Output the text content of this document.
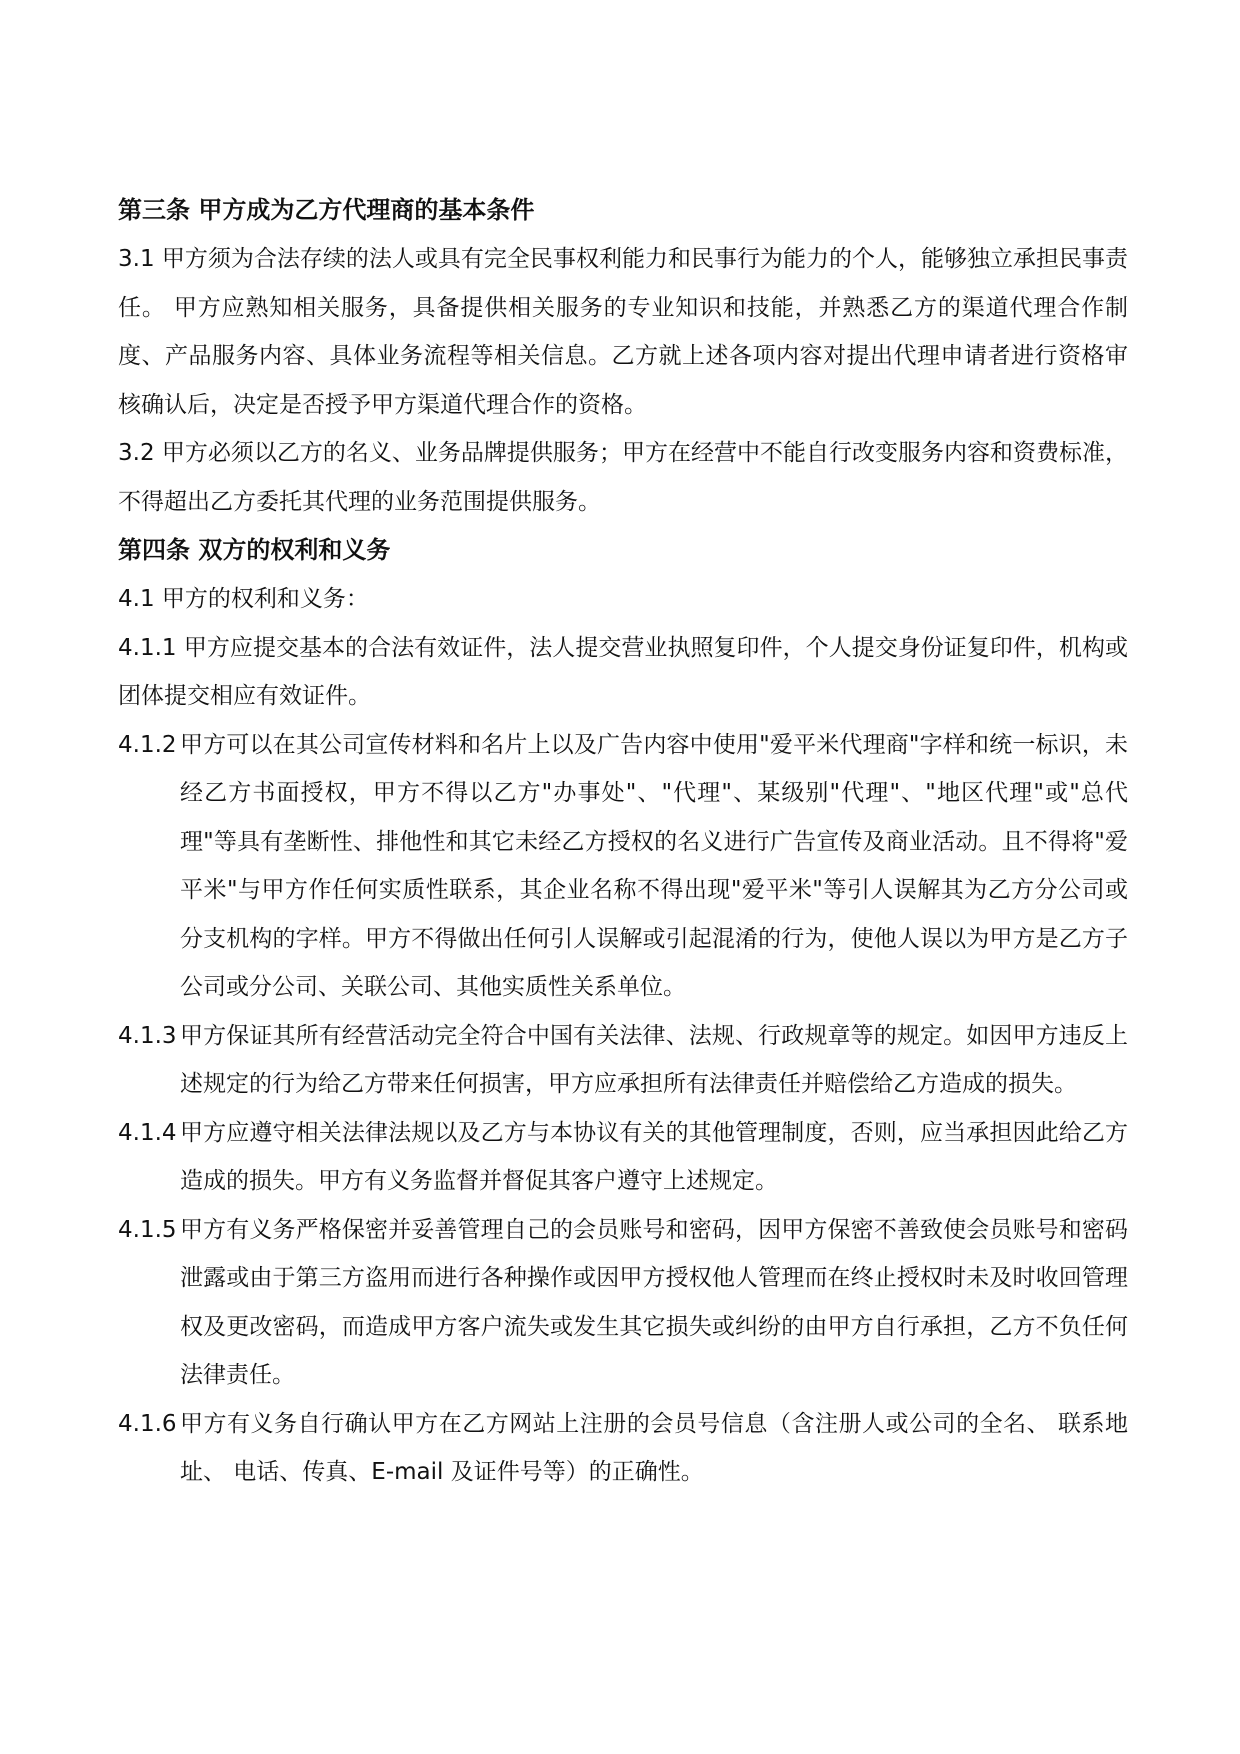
第三条 甲方成为乙方代理商的基本条件

3.1 甲方须为合法存续的法人或具有完全民事权利能力和民事行为能力的个人，能够独立承担民事责任。 甲方应熟知相关服务，具备提供相关服务的专业知识和技能，并熟悉乙方的渠道代理合作制度、产品服务内容、具体业务流程等相关信息。乙方就上述各项内容对提出代理申请者进行资格审核确认后，决定是否授予甲方渠道代理合作的资格。

3.2 甲方必须以乙方的名义、业务品牌提供服务；甲方在经营中不能自行改变服务内容和资费标准，不得超出乙方委托其代理的业务范围提供服务。

第四条 双方的权利和义务

4.1 甲方的权利和义务：

4.1.1 甲方应提交基本的合法有效证件，法人提交营业执照复印件，个人提交身份证复印件，机构或团体提交相应有效证件。

4.1.2 甲方可以在其公司宣传材料和名片上以及广告内容中使用"爱平米代理商"字样和统一标识，未经乙方书面授权，甲方不得以乙方"办事处"、"代理"、某级别"代理"、"地区代理"或"总代理"等具有垄断性、排他性和其它未经乙方授权的名义进行广告宣传及商业活动。且不得将"爱平米"与甲方作任何实质性联系，其企业名称不得出现"爱平米"等引人误解其为乙方分公司或分支机构的字样。甲方不得做出任何引人误解或引起混淆的行为，使他人误以为甲方是乙方子公司或分公司、关联公司、其他实质性关系单位。
4.1.3 甲方保证其所有经营活动完全符合中国有关法律、法规、行政规章等的规定。如因甲方违反上述规定的行为给乙方带来任何损害，甲方应承担所有法律责任并赔偿给乙方造成的损失。
4.1.4 甲方应遵守相关法律法规以及乙方与本协议有关的其他管理制度，否则，应当承担因此给乙方造成的损失。甲方有义务监督并督促其客户遵守上述规定。
4.1.5 甲方有义务严格保密并妥善管理自己的会员账号和密码，因甲方保密不善致使会员账号和密码泄露或由于第三方盗用而进行各种操作或因甲方授权他人管理而在终止授权时未及时收回管理权及更改密码，而造成甲方客户流失或发生其它损失或纠纷的由甲方自行承担，乙方不负任何法律责任。
4.1.6 甲方有义务自行确认甲方在乙方网站上注册的会员号信息（含注册人或公司的全名、 联系地址、 电话、传真、E-mail 及证件号等）的正确性。
